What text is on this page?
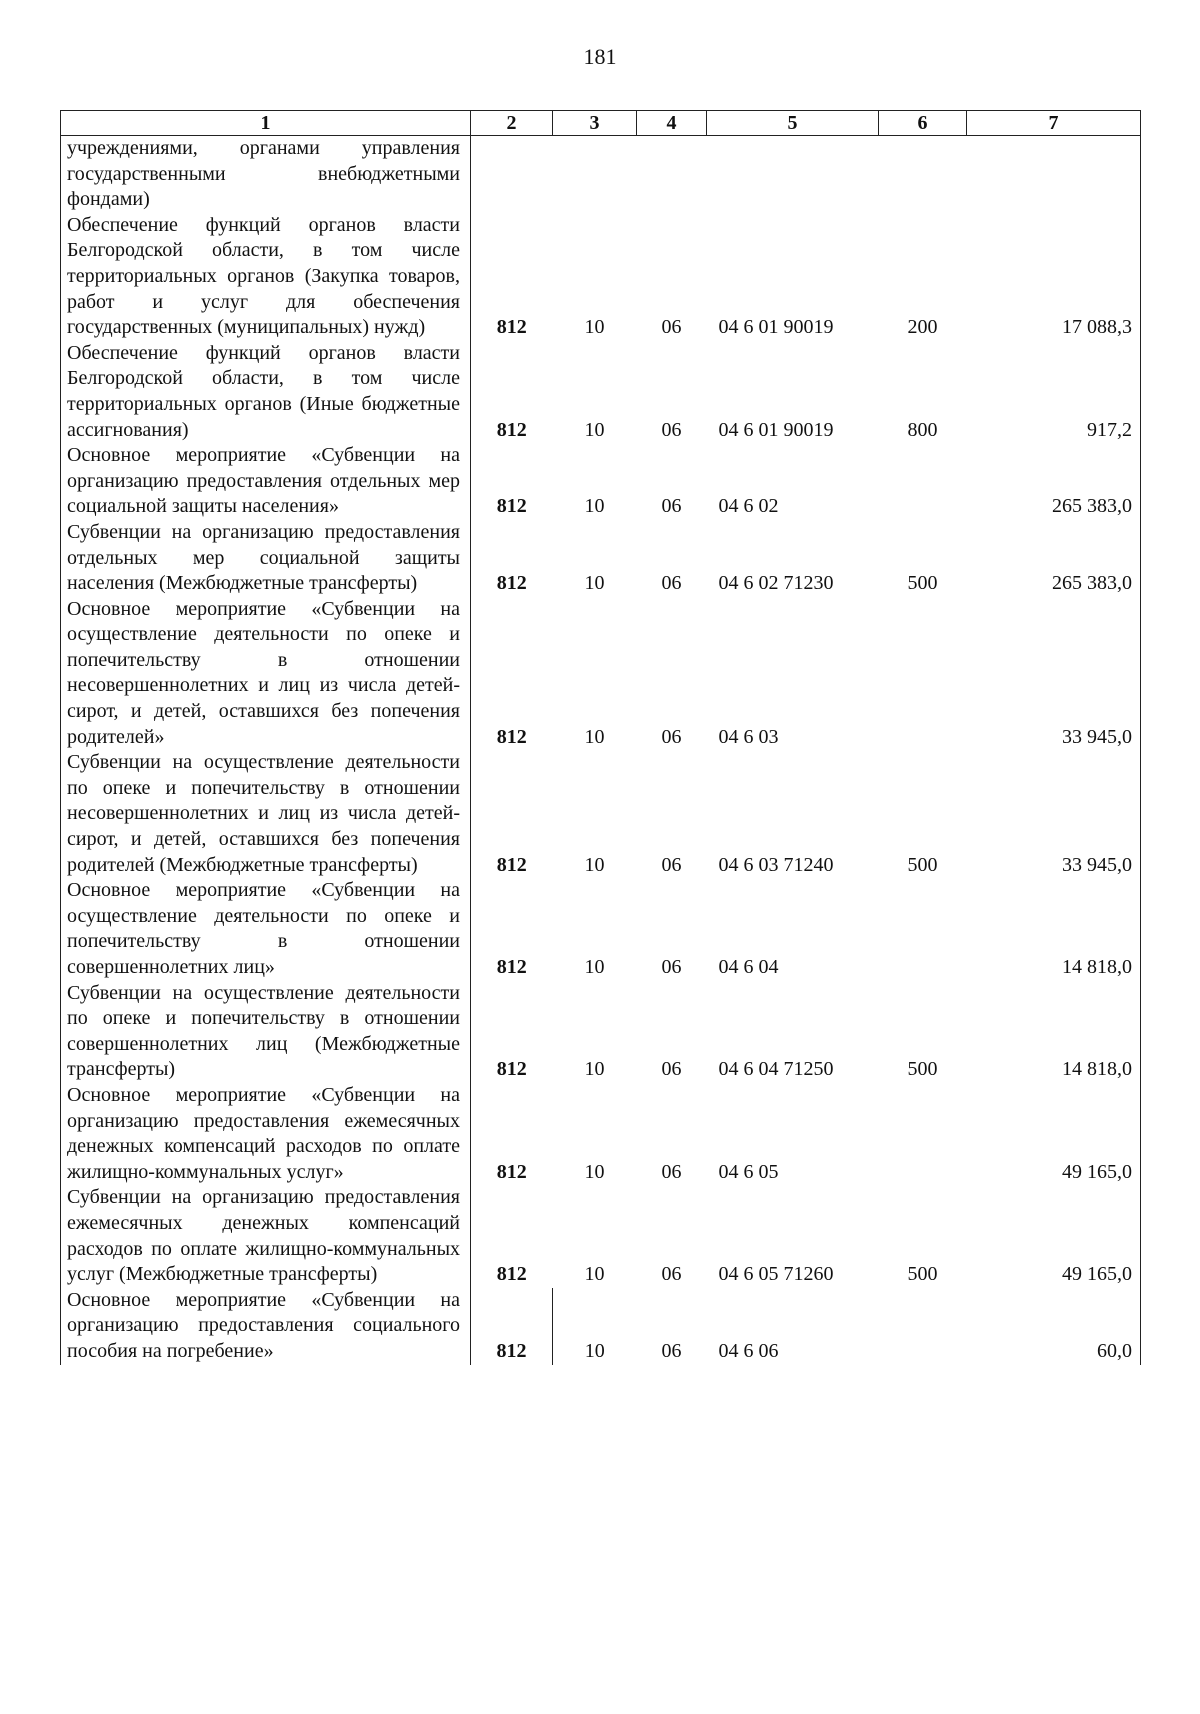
181
1	2	3	4	5	6	7
учреждениями, органами управления государственными внебюджетными фондами)						
Обеспечение функций органов власти Белгородской области, в том числе территориальных органов (Закупка товаров, работ и услуг для обеспечения государственных (муниципальных) нужд)	812	10	06	04 6 01 90019	200	17 088,3
Обеспечение функций органов власти Белгородской области, в том числе территориальных органов (Иные бюджетные ассигнования)	812	10	06	04 6 01 90019	800	917,2
Основное мероприятие «Субвенции на организацию предоставления отдельных мер социальной защиты населения»	812	10	06	04 6 02		265 383,0
Субвенции на организацию предоставления отдельных мер социальной защиты населения (Межбюджетные трансферты)	812	10	06	04 6 02 71230	500	265 383,0
Основное мероприятие «Субвенции на осуществление деятельности по опеке и попечительству в отношении несовершеннолетних и лиц из числа детей-сирот, и детей, оставшихся без попечения родителей»	812	10	06	04 6 03		33 945,0
Субвенции на осуществление деятельности по опеке и попечительству в отношении несовершеннолетних и лиц из числа детей-сирот, и детей, оставшихся без попечения родителей (Межбюджетные трансферты)	812	10	06	04 6 03 71240	500	33 945,0
Основное мероприятие «Субвенции на осуществление деятельности по опеке и попечительству в отношении совершеннолетних лиц»	812	10	06	04 6 04		14 818,0
Субвенции на осуществление деятельности по опеке и попечительству в отношении совершеннолетних лиц (Межбюджетные трансферты)	812	10	06	04 6 04 71250	500	14 818,0
Основное мероприятие «Субвенции на организацию предоставления ежемесячных денежных компенсаций расходов по оплате жилищно-коммунальных услуг»	812	10	06	04 6 05		49 165,0
Субвенции на организацию предоставления ежемесячных денежных компенсаций расходов по оплате жилищно-коммунальных услуг (Межбюджетные трансферты)	812	10	06	04 6 05 71260	500	49 165,0
Основное мероприятие «Субвенции на организацию предоставления социального пособия на погребение»	812	10	06	04 6 06		60,0
